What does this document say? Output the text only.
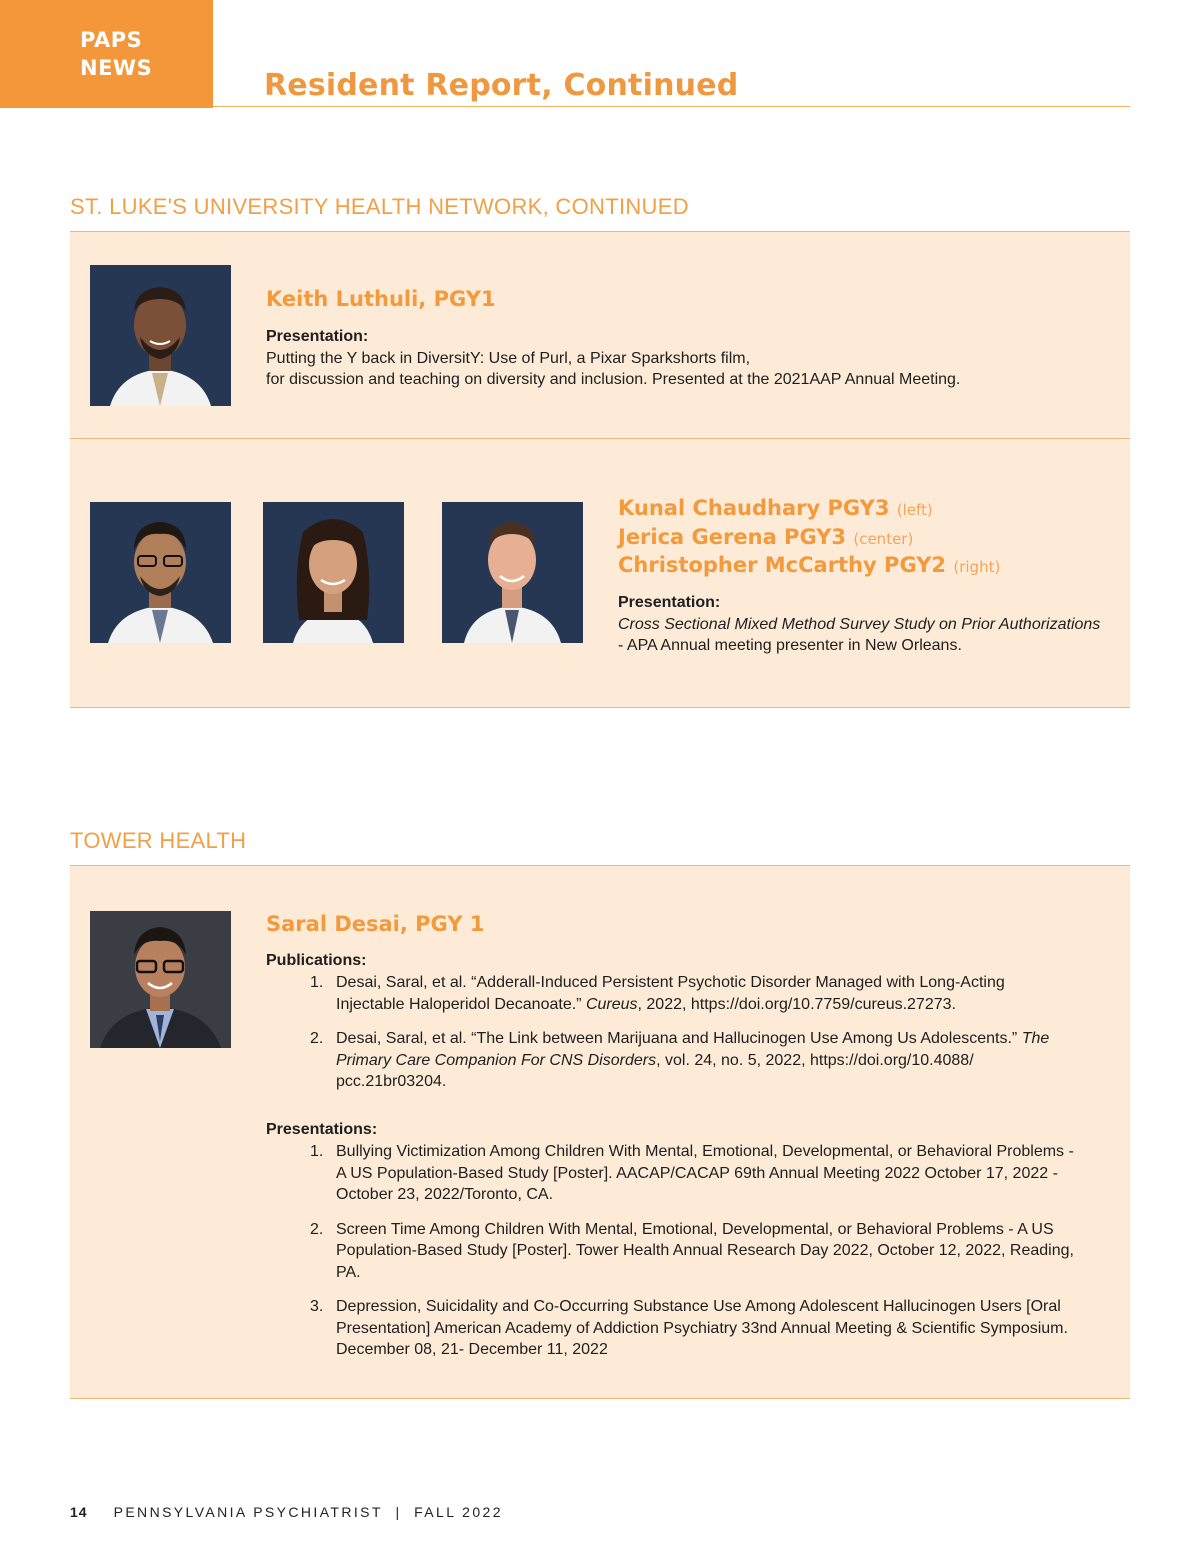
PAPS
NEWS	Resident Report, Continued
ST. LUKE'S UNIVERSITY HEALTH NETWORK, CONTINUED
Keith Luthuli, PGY1
Presentation:
Putting the Y back in DiversitY: Use of Purl, a Pixar Sparkshorts film,
for discussion and teaching on diversity and inclusion. Presented at the 2021AAP Annual Meeting.
Kunal Chaudhary PGY3 (left)
Jerica Gerena PGY3 (center)
Christopher McCarthy PGY2 (right)
Presentation:
Cross Sectional Mixed Method Survey Study on Prior Authorizations
- APA Annual meeting presenter in New Orleans.
TOWER HEALTH
Saral Desai, PGY 1
Publications:
1. Desai, Saral, et al. “Adderall-Induced Persistent Psychotic Disorder Managed with Long-Acting Injectable Haloperidol Decanoate.” Cureus, 2022, https://doi.org/10.7759/cureus.27273.
2. Desai, Saral, et al. “The Link between Marijuana and Hallucinogen Use Among Us Adolescents.” The Primary Care Companion For CNS Disorders, vol. 24, no. 5, 2022, https://doi.org/10.4088/ pcc.21br03204.
Presentations:
1. Bullying Victimization Among Children With Mental, Emotional, Developmental, or Behavioral Problems - A US Population-Based Study [Poster]. AACAP/CACAP 69th Annual Meeting 2022 October 17, 2022 - October 23, 2022/Toronto, CA.
2. Screen Time Among Children With Mental, Emotional, Developmental, or Behavioral Problems - A US Population-Based Study [Poster]. Tower Health Annual Research Day 2022, October 12, 2022, Reading, PA.
3. Depression, Suicidality and Co-Occurring Substance Use Among Adolescent Hallucinogen Users [Oral Presentation] American Academy of Addiction Psychiatry 33nd Annual Meeting & Scientific Symposium. December 08, 21- December 11, 2022
14 PENNSYLVANIA PSYCHIATRIST | FALL 2022
